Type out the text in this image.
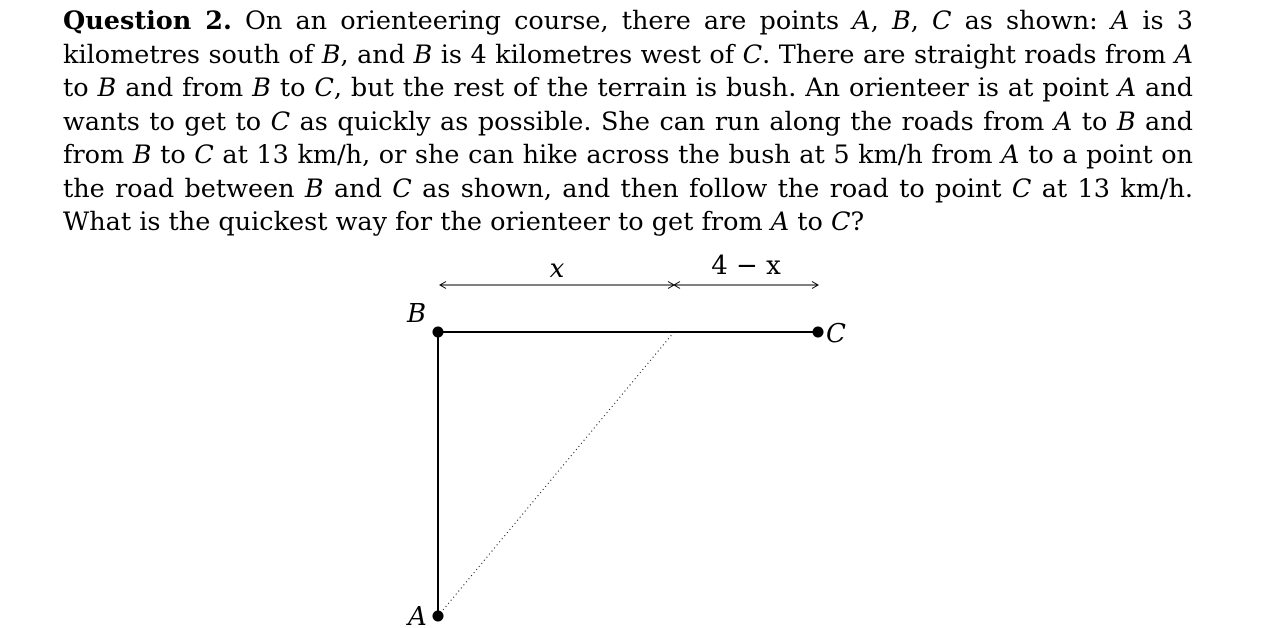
Question 2. On an orienteering course, there are points A, B, C as shown: A is 3 kilometres south of B, and B is 4 kilometres west of C. There are straight roads from A to B and from B to C, but the rest of the terrain is bush. An orienteer is at point A and wants to get to C as quickly as possible. She can run along the roads from A to B and from B to C at 13 km/h, or she can hike across the bush at 5 km/h from A to a point on the road between B and C as shown, and then follow the road to point C at 13 km/h. What is the quickest way for the orienteer to get from A to C?

x	4 − x
B
C
A
